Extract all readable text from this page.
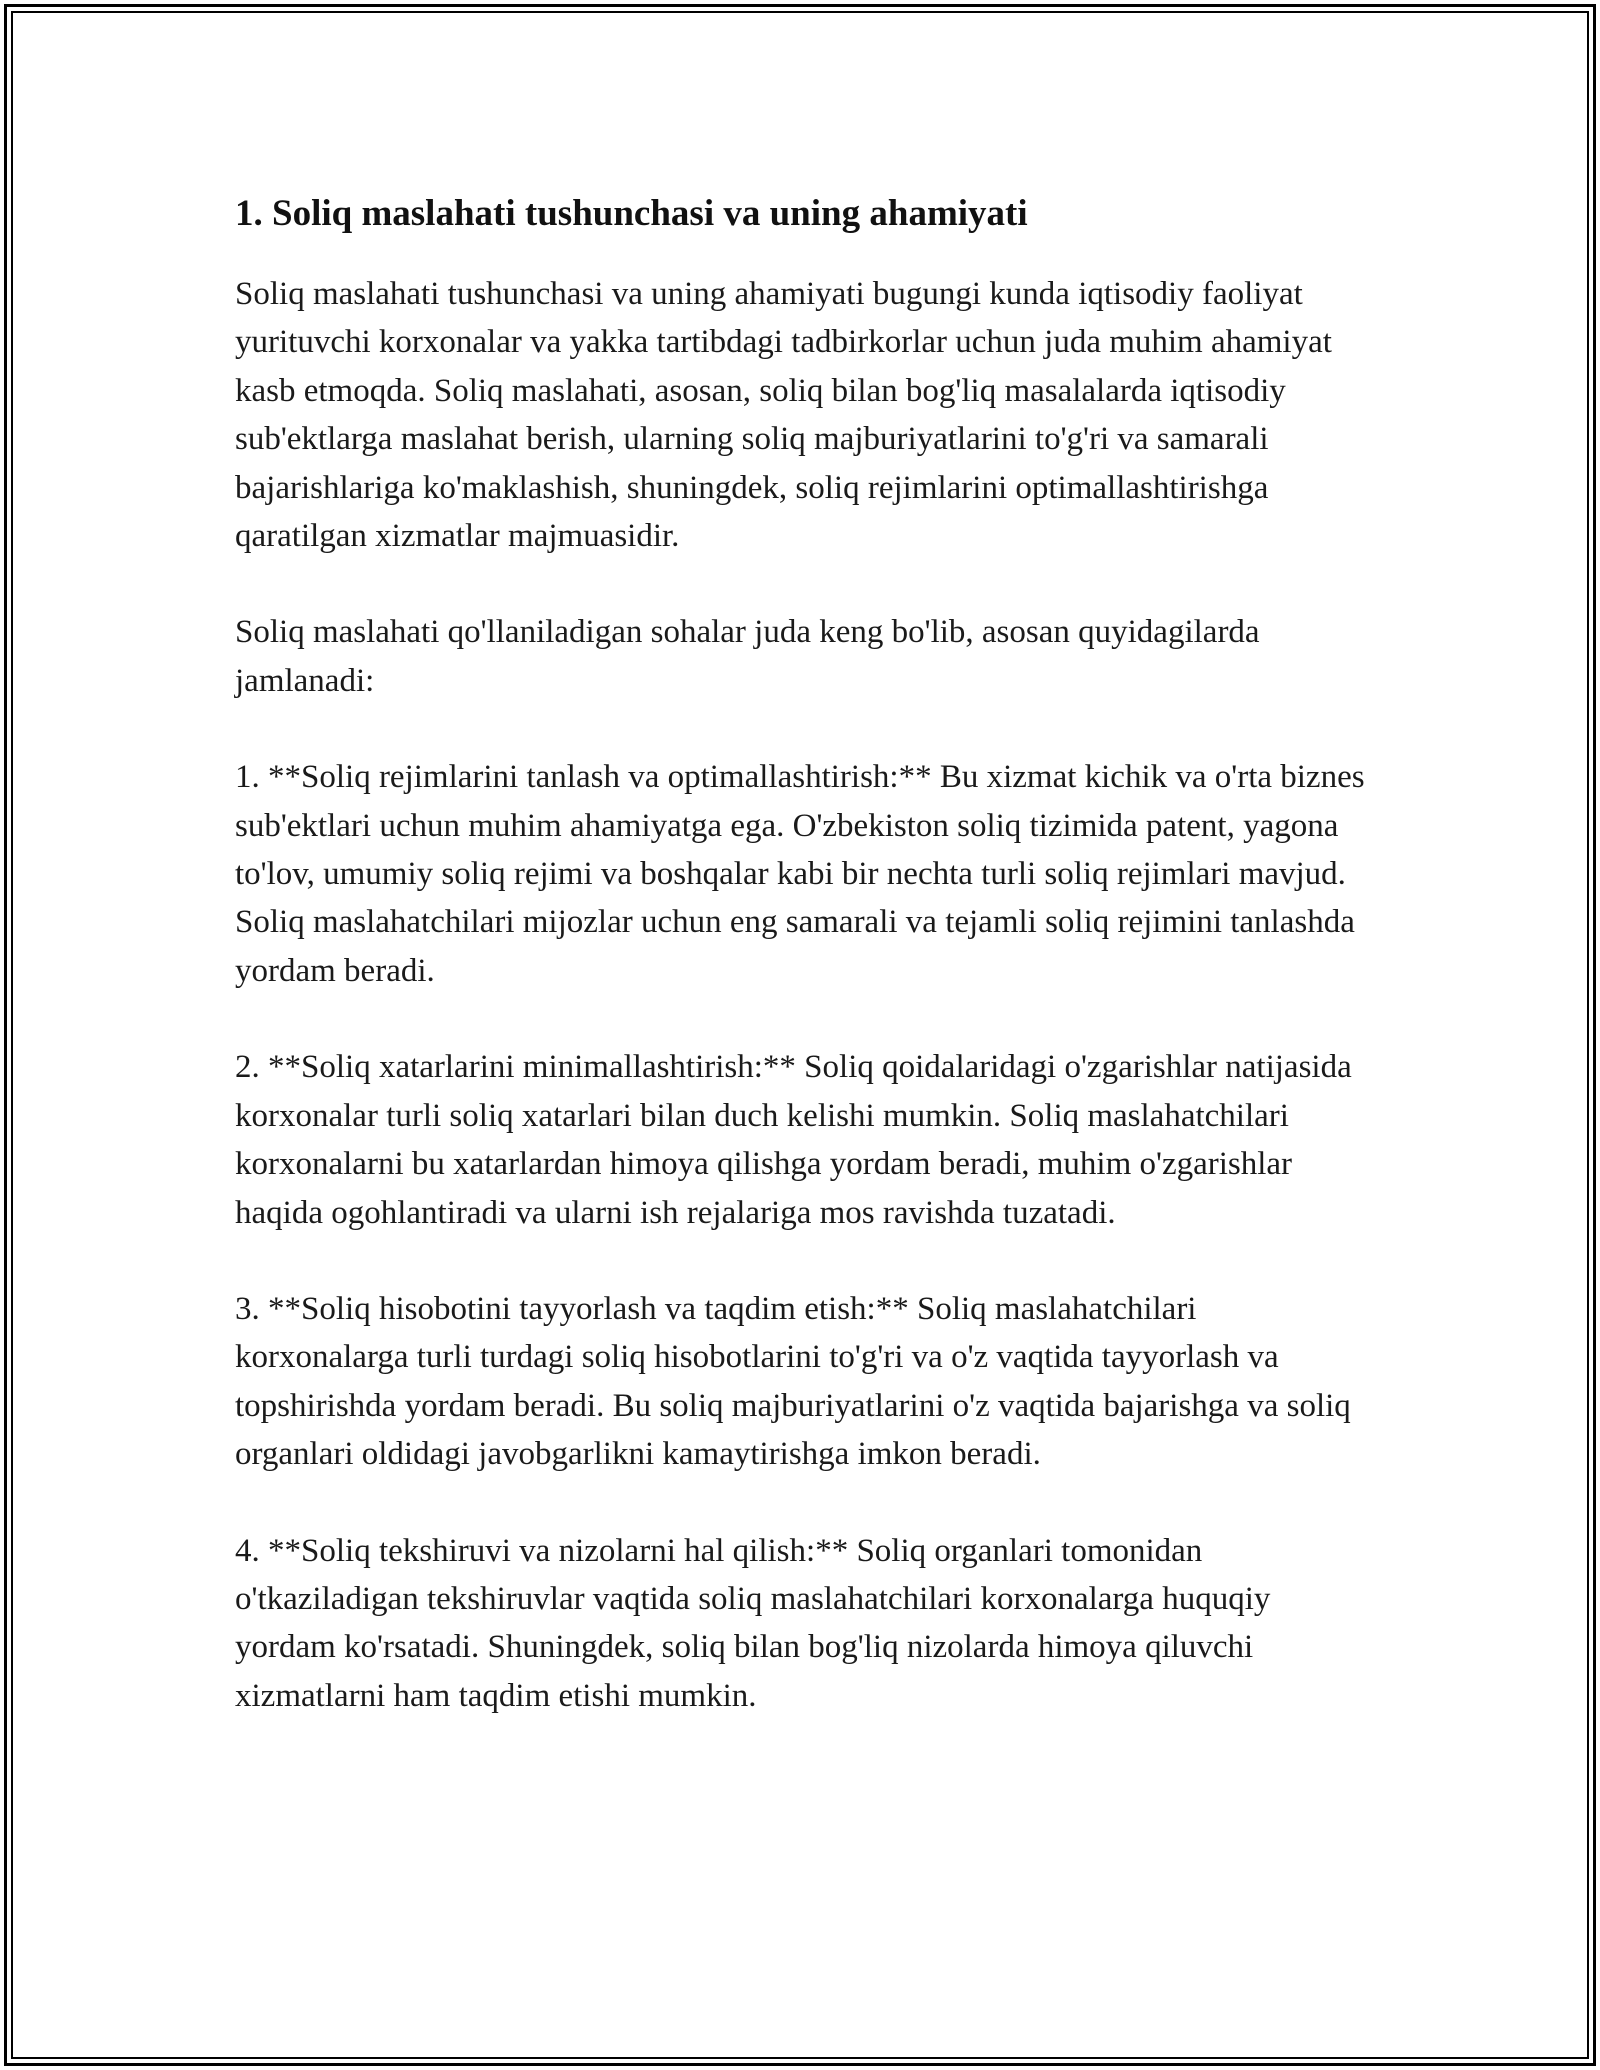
1. Soliq maslahati tushunchasi va uning ahamiyati

Soliq maslahati tushunchasi va uning ahamiyati bugungi kunda iqtisodiy faoliyat yurituvchi korxonalar va yakka tartibdagi tadbirkorlar uchun juda muhim ahamiyat kasb etmoqda. Soliq maslahati, asosan, soliq bilan bog'liq masalalarda iqtisodiy sub'ektlarga maslahat berish, ularning soliq majburiyatlarini to'g'ri va samarali bajarishlariga ko'maklashish, shuningdek, soliq rejimlarini optimallashtirishga qaratilgan xizmatlar majmuasidir.

Soliq maslahati qo'llaniladigan sohalar juda keng bo'lib, asosan quyidagilarda jamlanadi:

1. **Soliq rejimlarini tanlash va optimallashtirish:** Bu xizmat kichik va o'rta biznes sub'ektlari uchun muhim ahamiyatga ega. O'zbekiston soliq tizimida patent, yagona to'lov, umumiy soliq rejimi va boshqalar kabi bir nechta turli soliq rejimlari mavjud. Soliq maslahatchilari mijozlar uchun eng samarali va tejamli soliq rejimini tanlashda yordam beradi.

2. **Soliq xatarlarini minimallashtirish:** Soliq qoidalaridagi o'zgarishlar natijasida korxonalar turli soliq xatarlari bilan duch kelishi mumkin. Soliq maslahatchilari korxonalarni bu xatarlardan himoya qilishga yordam beradi, muhim o'zgarishlar haqida ogohlantiradi va ularni ish rejalariga mos ravishda tuzatadi.

3. **Soliq hisobotini tayyorlash va taqdim etish:** Soliq maslahatchilari korxonalarga turli turdagi soliq hisobotlarini to'g'ri va o'z vaqtida tayyorlash va topshirishda yordam beradi. Bu soliq majburiyatlarini o'z vaqtida bajarishga va soliq organlari oldidagi javobgarlikni kamaytirishga imkon beradi.

4. **Soliq tekshiruvi va nizolarni hal qilish:** Soliq organlari tomonidan o'tkaziladigan tekshiruvlar vaqtida soliq maslahatchilari korxonalarga huquqiy yordam ko'rsatadi. Shuningdek, soliq bilan bog'liq nizolarda himoya qiluvchi xizmatlarni ham taqdim etishi mumkin.
